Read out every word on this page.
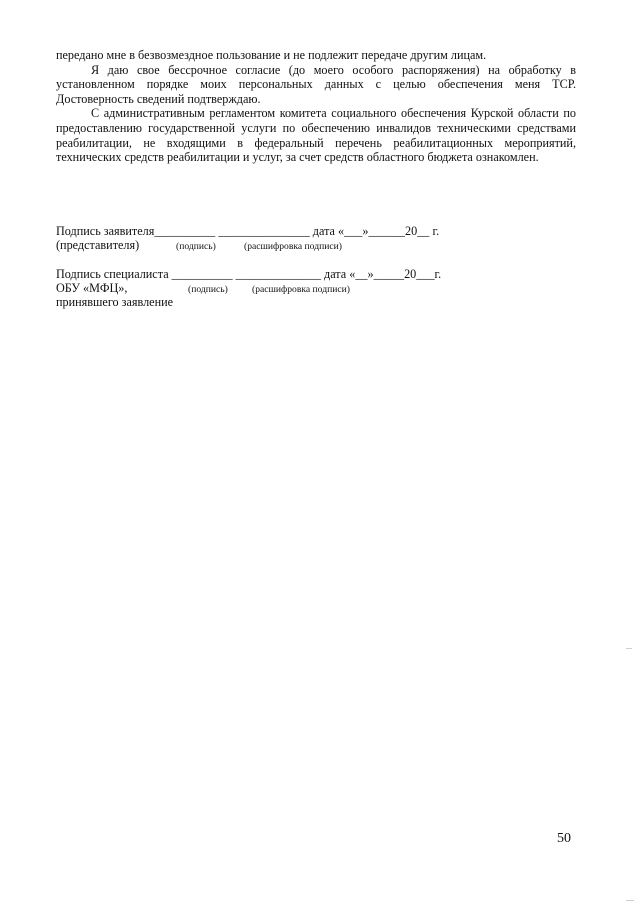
передано мне в безвозмездное пользование и не подлежит передаче другим лицам.

Я даю свое бессрочное согласие (до моего особого распоряжения) на обработку в установленном порядке моих персональных данных с целью обеспечения меня ТСР. Достоверность сведений подтверждаю.

С административным регламентом комитета социального обеспечения Курской области по предоставлению государственной услуги по обеспечению инвалидов техническими средствами реабилитации, не входящими в федеральный перечень реабилитационных мероприятий, технических средств реабилитации и услуг, за счет средств областного бюджета ознакомлен.

Подпись заявителя__________ _______________ дата «___»______20__ г.
(представителя)	(подпись)	(расшифровка подписи)
Подпись специалиста __________ ______________ дата «__»_____20___г.
ОБУ «МФЦ»,	(подпись)	(расшифровка подписи)
принявшего заявление
50
